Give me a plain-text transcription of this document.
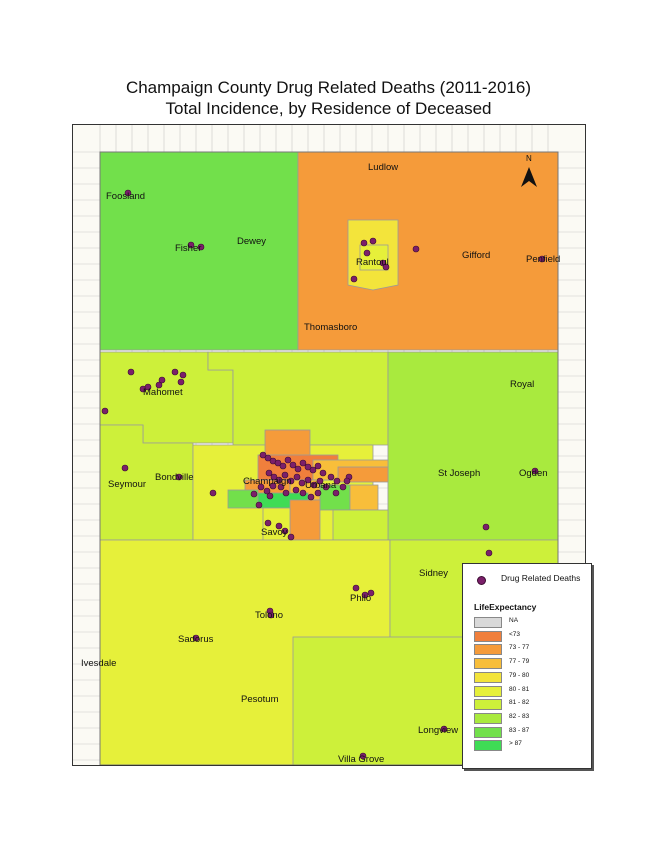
Champaign County Drug Related Deaths (2011-2016)
Total Incidence, by Residence of Deceased
N
Foosland
Ludlow
Fisher
Dewey
Rantoul
Gifford	Penfield
Thomasboro
Mahomet
Royal
Bondville
Seymour	Champaign Urbana
St Joseph	Ogden
Savoy
Sidney
Philo
Tolono
Sadorus
Ivesdale
Pesotum
Longview
Villa Grove
Drug Related Deaths
LifeExpectancy
NA
<73
73 - 77
77 - 79
79 - 80
80 - 81
81 - 82
82 - 83
83 - 87
> 87
